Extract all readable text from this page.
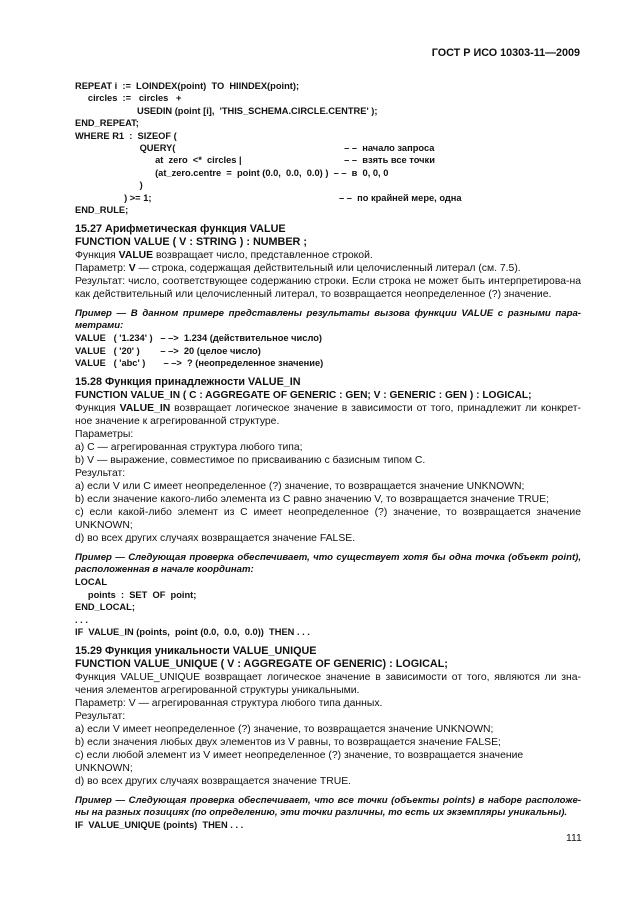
ГОСТ Р ИСО 10303-11—2009
REPEAT i  :=  LOINDEX(point)  TO  HIINDEX(point);
circles  :=   circles   +
USEDIN (point [i],  'THIS_SCHEMA.CIRCLE.CENTRE' );
END_REPEAT;
WHERE R1  :  SIZEOF (
QUERY(	– –  начало запроса
at  zero  <*  circles |	– –  взять все точки
(at_zero.centre  =  point (0.0,  0.0,  0.0) )  – –  в  0, 0, 0
)
) >= 1;	– –  по крайней мере, одна
END_RULE;
15.27 Арифметическая функция VALUE
FUNCTION VALUE ( V : STRING ) : NUMBER ;

Функция VALUE возвращает число, представленное строкой.

Параметр: V — строка, содержащая действительный или целочисленный литерал (см. 7.5).

Результат: число, соответствующее содержанию строки. Если строка не может быть интерпретирова-на как действительный или целочисленный литерал, то возвращается неопределенное (?) значение.

Пример — В данном примере представлены результаты вызова функции VALUE с разными пара-метрами:

VALUE   ( '1.234' )   – –>  1.234 (действительное число)
VALUE   ( '20' )        – –>  20 (целое число)
VALUE   ( 'abc' )       – –>  ? (неопределенное значение)
15.28 Функция принадлежности VALUE_IN
FUNCTION VALUE_IN ( C : AGGREGATE OF GENERIC : GEN; V : GENERIC : GEN ) : LOGICAL;

Функция VALUE_IN возвращает логическое значение в зависимости от того, принадлежит ли конкрет-ное значение к агрегированной структуре.

Параметры:

a) C — агрегированная структура любого типа;

b) V — выражение, совместимое по присваиванию с базисным типом C.

Результат:

a) если V или C имеет неопределенное (?) значение, то возвращается значение UNKNOWN;

b) если значение какого-либо элемента из C равно значению V, то возвращается значение TRUE;

c) если какой-либо элемент из C имеет неопределенное (?) значение, то возвращается значение UNKNOWN;

d) во всех других случаях возвращается значение FALSE.

Пример — Следующая проверка обеспечивает, что существует хотя бы одна точка (объект point), расположенная в начале координат:

LOCAL
points  :  SET  OF  point;
END_LOCAL;
. . .
IF  VALUE_IN (points,  point (0.0,  0.0,  0.0))  THEN . . .
15.29 Функция уникальности VALUE_UNIQUE
FUNCTION VALUE_UNIQUE ( V : AGGREGATE OF GENERIC) : LOGICAL;

Функция VALUE_UNIQUE возвращает логическое значение в зависимости от того, являются ли зна-чения элементов агрегированной структуры уникальными.

Параметр: V — агрегированная структура любого типа данных.

Результат:

a) если V имеет неопределенное (?) значение, то возвращается значение UNKNOWN;

b) если значения любых двух элементов из V равны, то возвращается значение FALSE;

c) если любой элемент из V имеет неопределенное (?) значение, то возвращается значение UNKNOWN;

d) во всех других случаях возвращается значение TRUE.

Пример — Следующая проверка обеспечивает, что все точки (объекты points) в наборе расположе-ны на разных позициях (по определению, эти точки различны, то есть их экземпляры уникальны).

IF  VALUE_UNIQUE (points)  THEN . . .
111
